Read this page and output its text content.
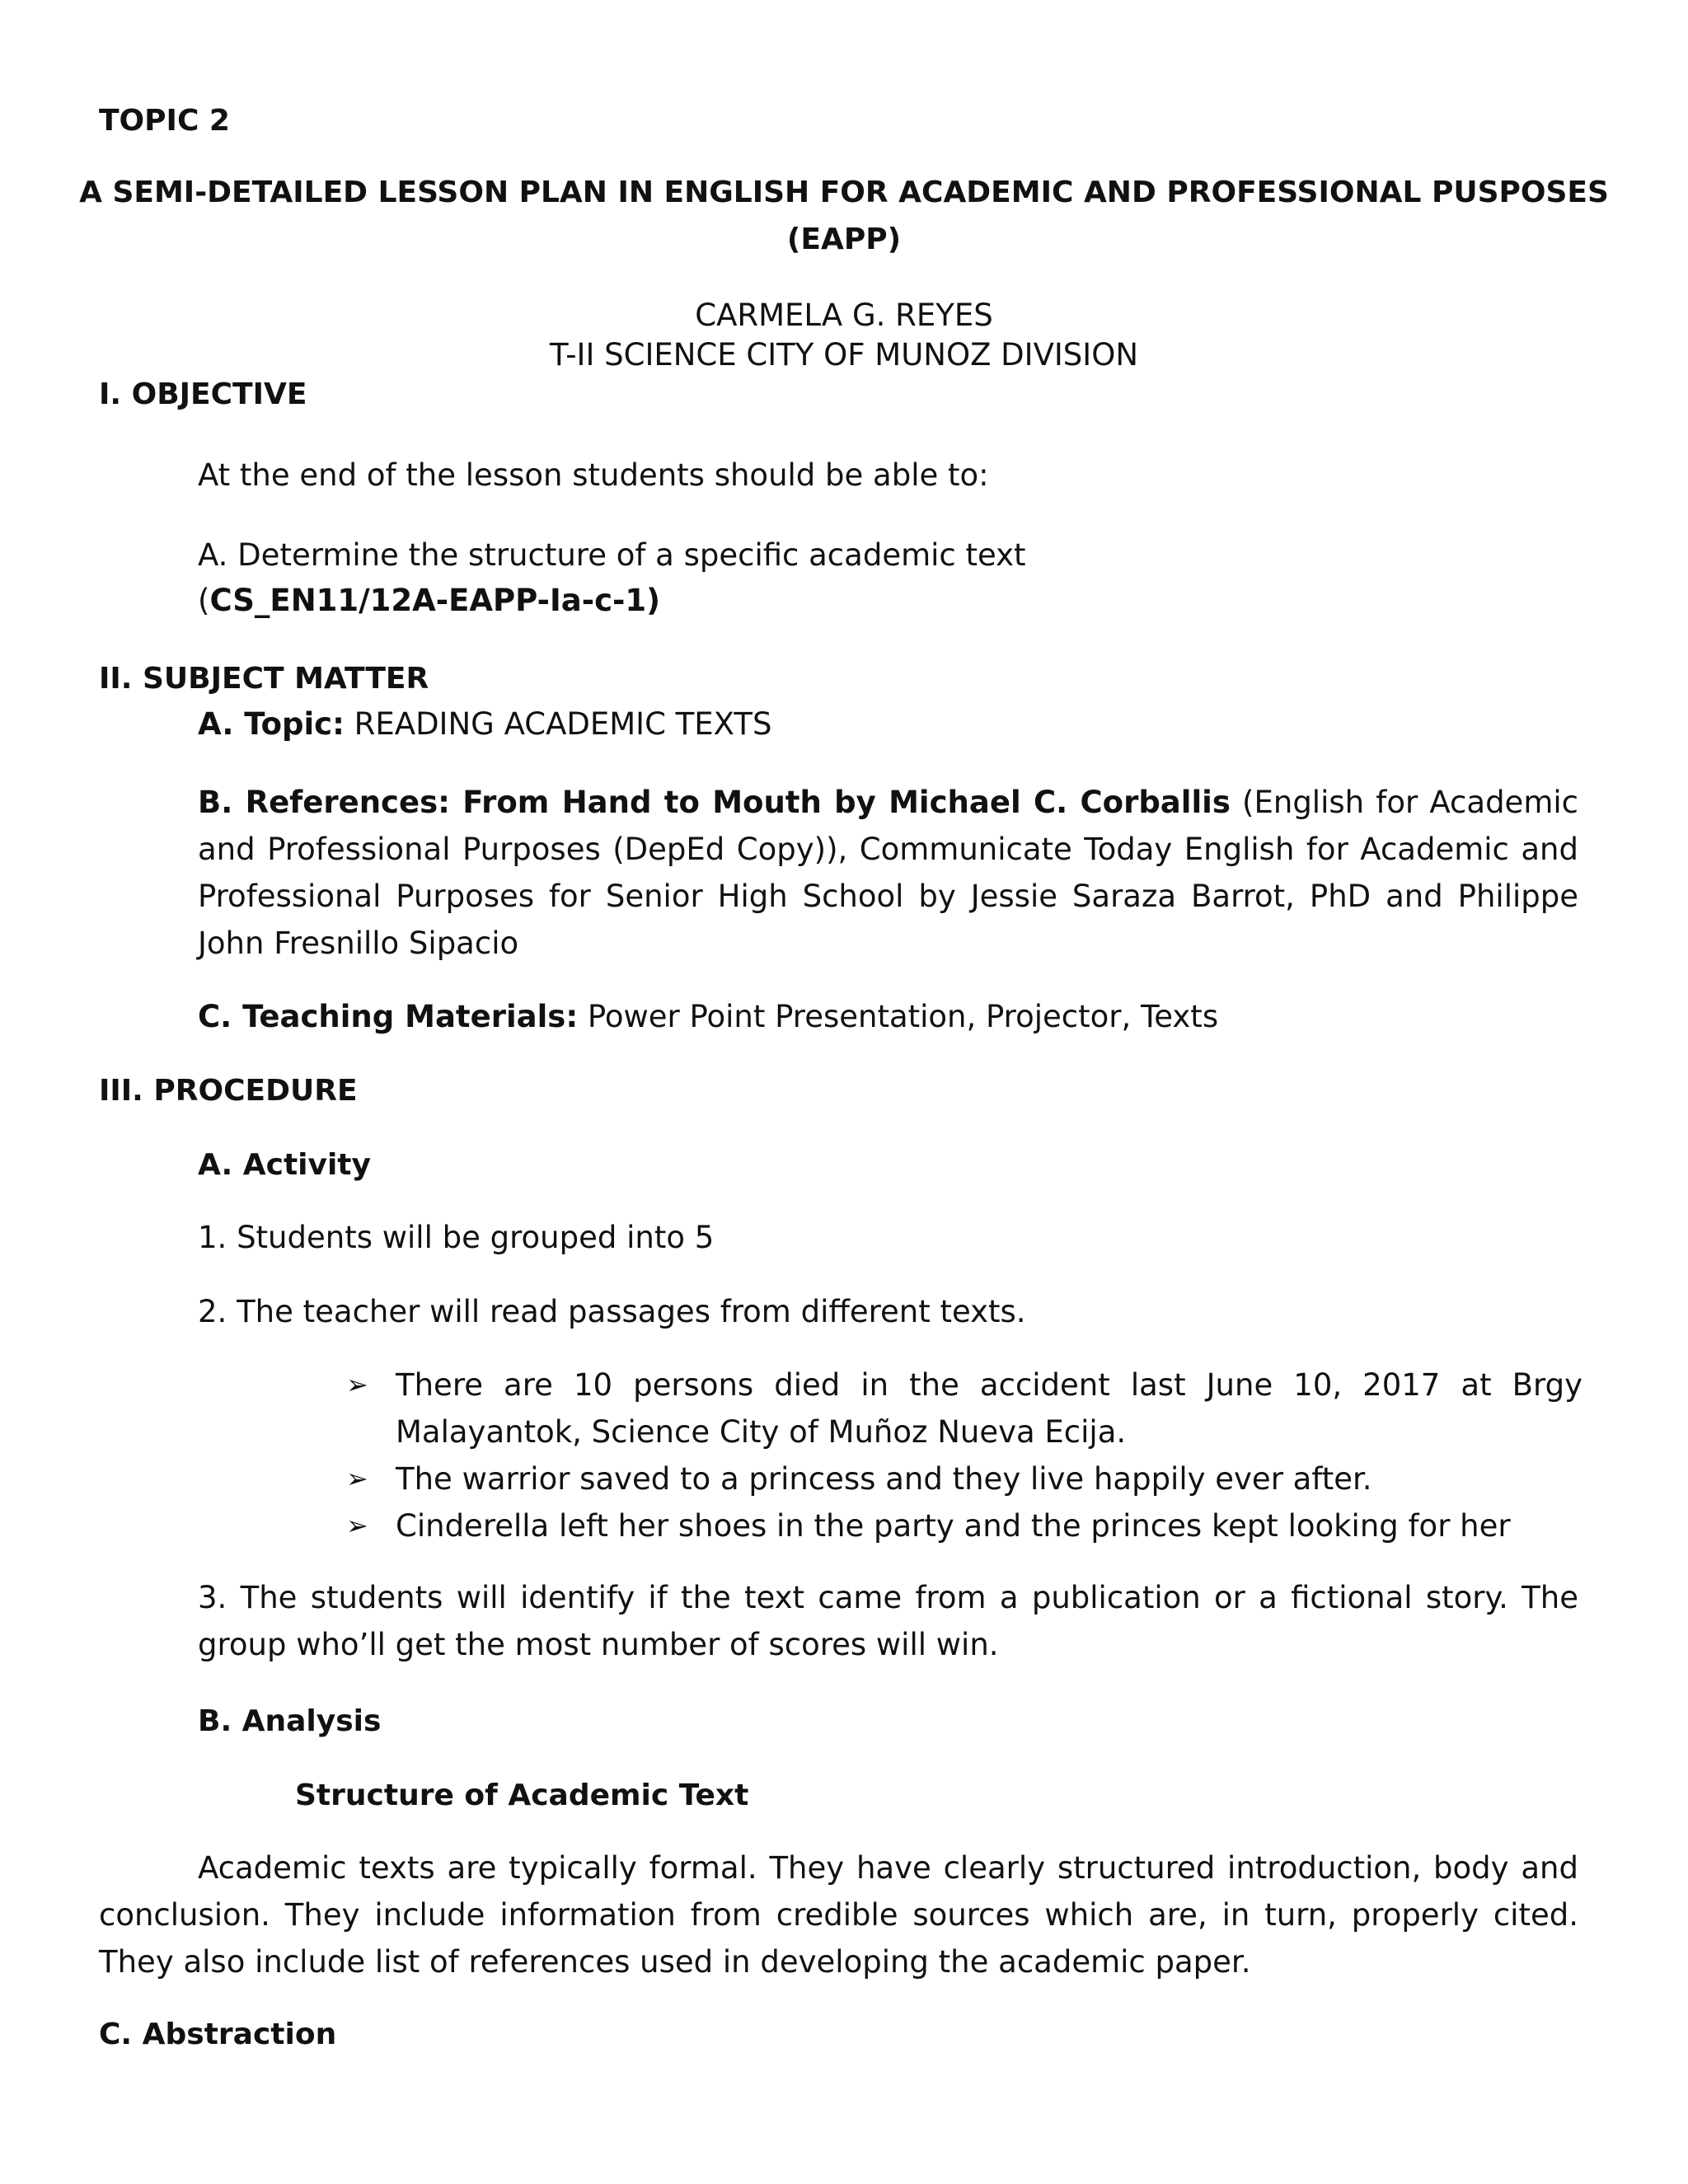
TOPIC 2

A SEMI-DETAILED LESSON PLAN IN ENGLISH FOR ACADEMIC AND PROFESSIONAL PUSPOSES

(EAPP)

CARMELA G. REYES

T-II SCIENCE CITY OF MUNOZ DIVISION

I. OBJECTIVE

At the end of the lesson students should be able to:

A. Determine the structure of a specific academic text

(CS_EN11/12A-EAPP-Ia-c-1)

II. SUBJECT MATTER

A. Topic: READING ACADEMIC TEXTS

B. References: From Hand to Mouth by Michael C. Corballis (English for Academic and Professional Purposes (DepEd Copy)), Communicate Today English for Academic and Professional Purposes for Senior High School by Jessie Saraza Barrot, PhD and Philippe John Fresnillo Sipacio

C. Teaching Materials: Power Point Presentation, Projector, Texts

III. PROCEDURE

A. Activity

1. Students will be grouped into 5

2. The teacher will read passages from different texts.

➢ There are 10 persons died in the accident last June 10, 2017 at Brgy Malayantok, Science City of Muñoz Nueva Ecija.
➢ The warrior saved to a princess and they live happily ever after.
➢ Cinderella left her shoes in the party and the princes kept looking for her

3. The students will identify if the text came from a publication or a fictional story. The group who’ll get the most number of scores will win.

B. Analysis

Structure of Academic Text

Academic texts are typically formal. They have clearly structured introduction, body and conclusion. They include information from credible sources which are, in turn, properly cited. They also include list of references used in developing the academic paper.

C. Abstraction
